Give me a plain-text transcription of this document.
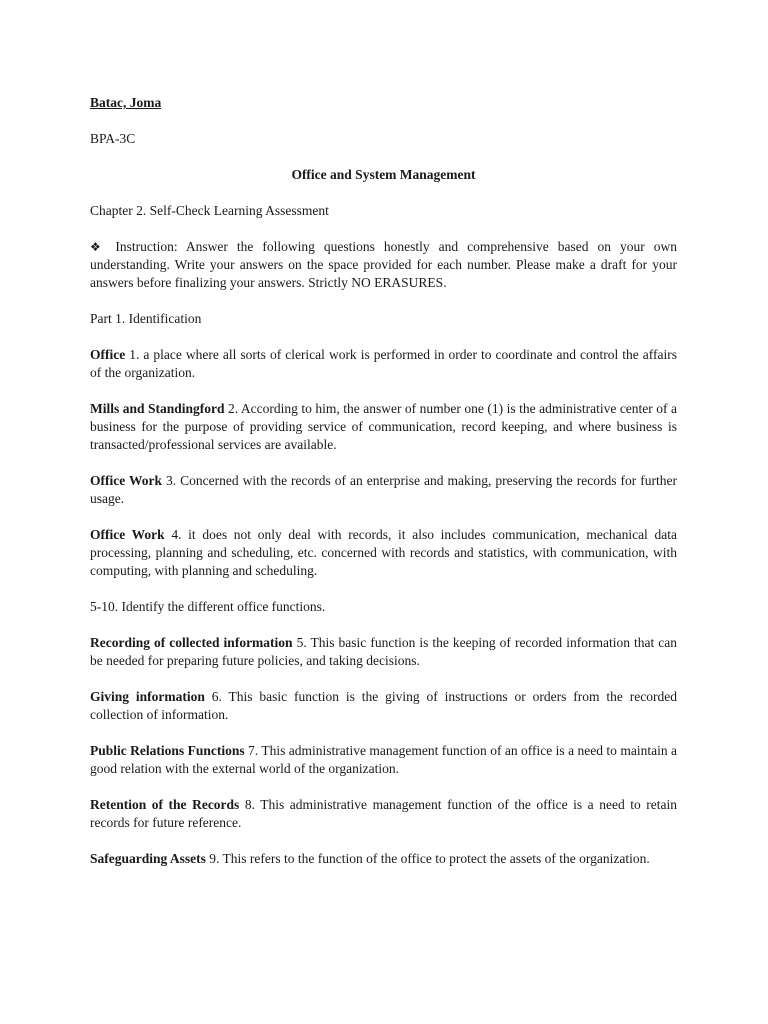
Batac, Joma

BPA-3C

Office and System Management

Chapter 2. Self-Check Learning Assessment

❖ Instruction: Answer the following questions honestly and comprehensive based on your own understanding. Write your answers on the space provided for each number. Please make a draft for your answers before finalizing your answers. Strictly NO ERASURES.

Part 1. Identification

Office 1. a place where all sorts of clerical work is performed in order to coordinate and control the affairs of the organization.

Mills and Standingford 2. According to him, the answer of number one (1) is the administrative center of a business for the purpose of providing service of communication, record keeping, and where business is transacted/professional services are available.

Office Work 3. Concerned with the records of an enterprise and making, preserving the records for further usage.

Office Work 4. it does not only deal with records, it also includes communication, mechanical data processing, planning and scheduling, etc. concerned with records and statistics, with communication, with computing, with planning and scheduling.

5-10. Identify the different office functions.

Recording of collected information 5. This basic function is the keeping of recorded information that can be needed for preparing future policies, and taking decisions.

Giving information 6. This basic function is the giving of instructions or orders from the recorded collection of information.

Public Relations Functions 7. This administrative management function of an office is a need to maintain a good relation with the external world of the organization.

Retention of the Records 8. This administrative management function of the office is a need to retain records for future reference.

Safeguarding Assets 9. This refers to the function of the office to protect the assets of the organization.
